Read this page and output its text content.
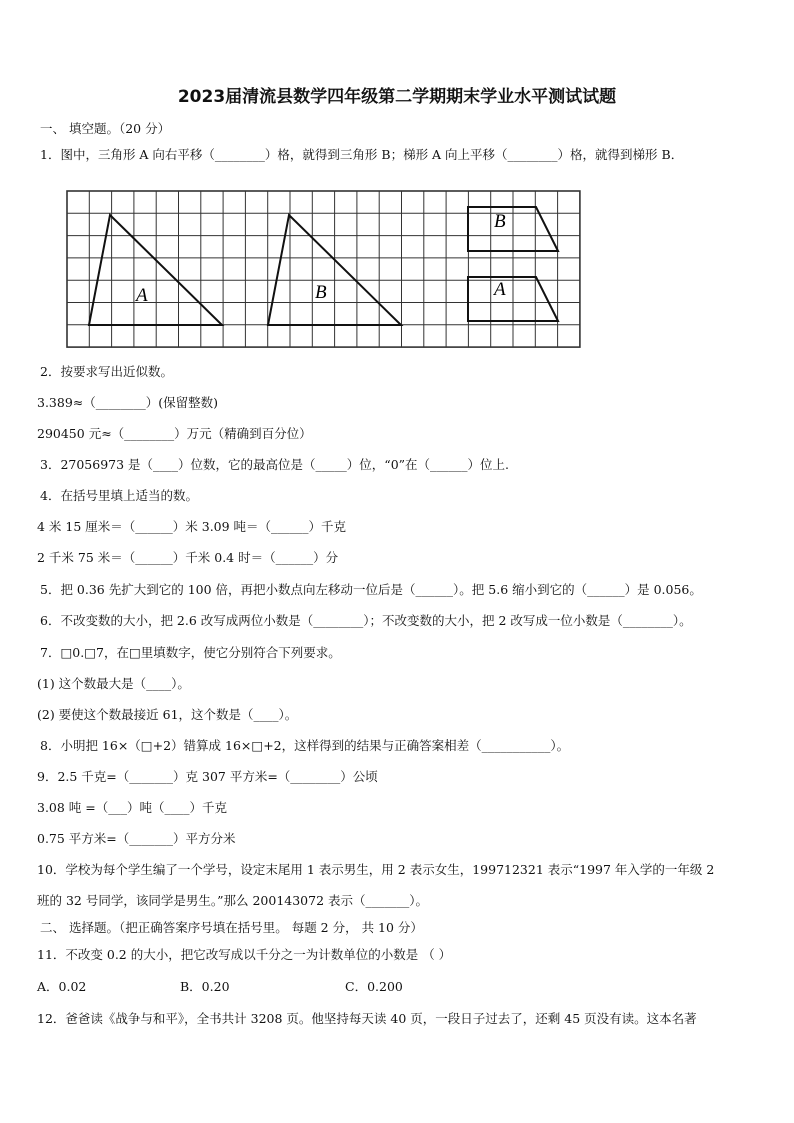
2023届清流县数学四年级第二学期期末学业水平测试试题
一、 填空题。（20 分）
1．图中，三角形 A 向右平移（________）格，就得到三角形 B；梯形 A 向上平移（________）格，就得到梯形 B．
A	B
B
A
2．按要求写出近似数。
3.389≈（________）(保留整数)
290450 元≈（________）万元（精确到百分位）
3．27056973 是（____）位数，它的最高位是（_____）位，“0”在（______）位上.
4．在括号里填上适当的数。
4 米 15 厘米＝（______）米 3.09 吨＝（______）千克
2 千米 75 米＝（______）千米 0.4 时＝（______）分
5．把 0.36 先扩大到它的 100 倍，再把小数点向左移动一位后是（______）。把 5.6 缩小到它的（______）是 0.056。
6．不改变数的大小，把 2.6 改写成两位小数是（________）；不改变数的大小，把 2 改写成一位小数是（________）。
7．□0.□7，在□里填数字，使它分别符合下列要求。
(1) 这个数最大是（____）。
(2) 要使这个数最接近 61，这个数是（____）。
8．小明把 16×（□+2）错算成 16×□+2，这样得到的结果与正确答案相差（___________）。
9．2.5 千克=（_______）克 307 平方米=（________）公顷
3.08 吨 =（___）吨（____）千克
0.75 平方米=（_______）平方分米
10．学校为每个学生编了一个学号，设定末尾用 1 表示男生，用 2 表示女生，199712321 表示“1997 年入学的一年级 2
班的 32 号同学，该同学是男生。”那么 200143072 表示（_______）。
二、 选择题。（把正确答案序号填在括号里。 每题 2 分， 共 10 分）
11．不改变 0.2 的大小，把它改写成以千分之一为计数单位的小数是 （ ）
A．0.02	B．0.20	C．0.200
12．爸爸读《战争与和平》，全书共计 3208 页。他坚持每天读 40 页，一段日子过去了，还剩 45 页没有读。这本名著
